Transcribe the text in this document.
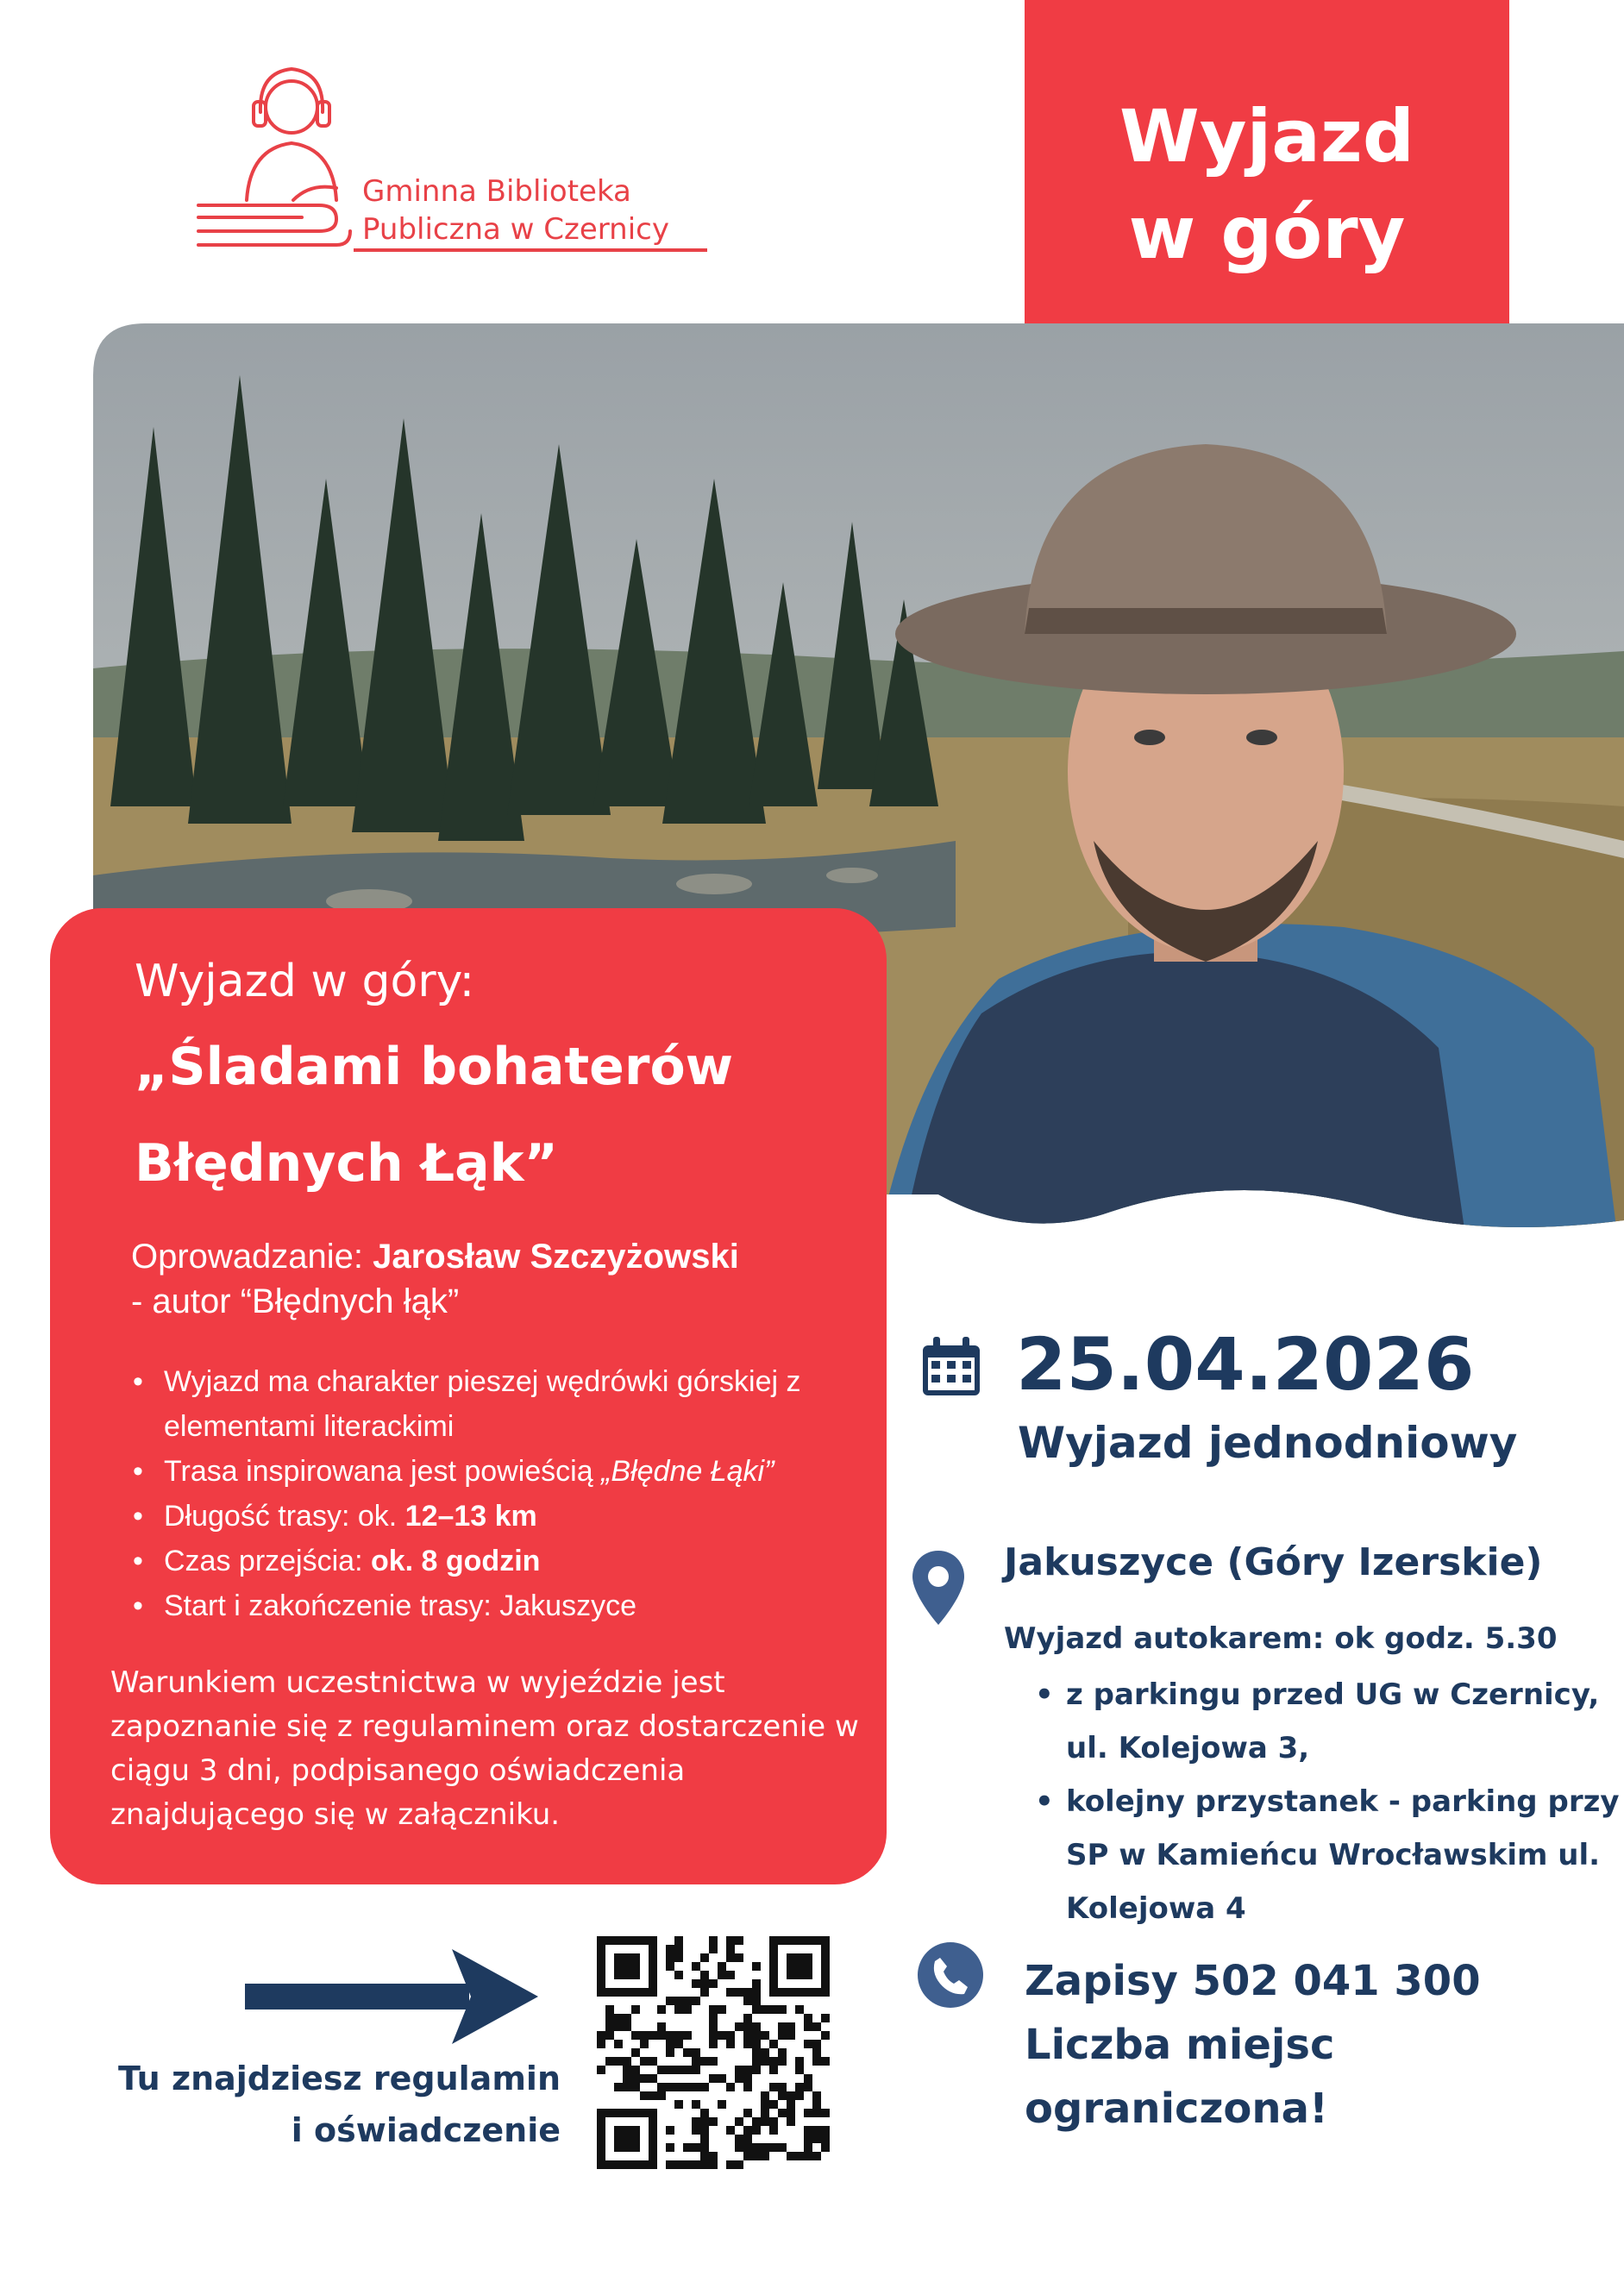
Gminna Biblioteka
Publiczna w Czernicy
Wyjazd
w góry
Wyjazd w góry:
„Śladami bohaterów
Błędnych Łąk”
Oprowadzanie: Jarosław Szczyżowski
- autor “Błędnych łąk”
• Wyjazd ma charakter pieszej wędrówki górskiej z elementami literackimi
• Trasa inspirowana jest powieścią „Błędne Łąki”
• Długość trasy: ok. 12–13 km
• Czas przejścia: ok. 8 godzin
• Start i zakończenie trasy: Jakuszyce
Warunkiem uczestnictwa w wyjeździe jest zapoznanie się z regulaminem oraz dostarczenie w ciągu 3 dni, podpisanego oświadczenia znajdującego się w załączniku.
25.04.2026
Wyjazd jednodniowy
Jakuszyce (Góry Izerskie)
Wyjazd autokarem: ok godz. 5.30
• z parkingu przed UG w Czernicy, ul. Kolejowa 3,
• kolejny przystanek - parking przy SP w Kamieńcu Wrocławskim ul. Kolejowa 4
Zapisy 502 041 300
Liczba miejsc ograniczona!
Tu znajdziesz regulamin
i oświadczenie
